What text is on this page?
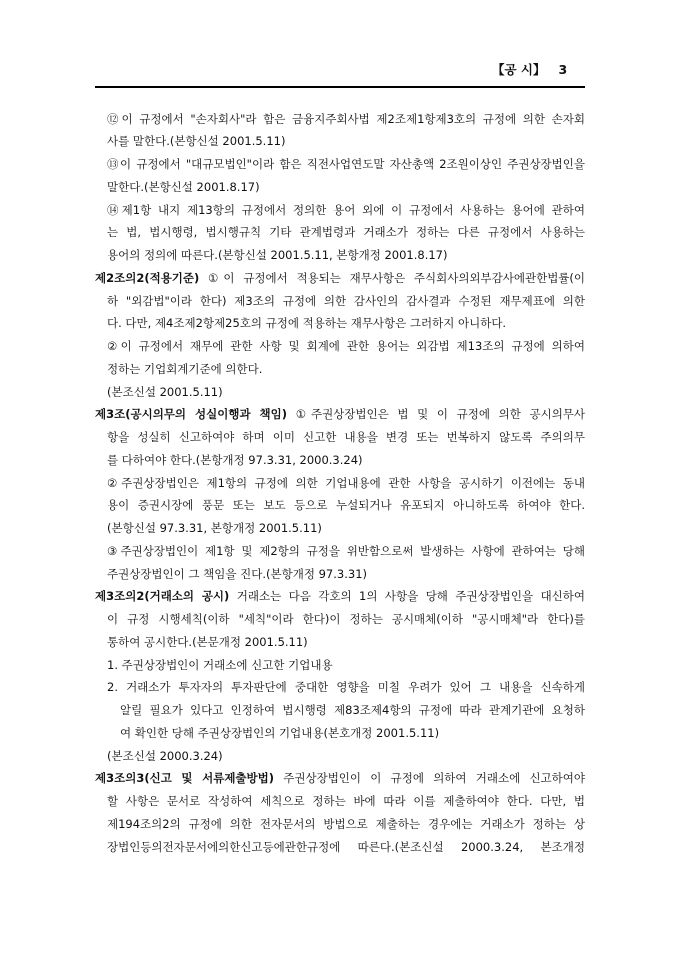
【공 시】 3
⑫이 규정에서 "손자회사"라 함은 금융지주회사법 제2조제1항제3호의 규정에 의한 손자회
사를 말한다.(본항신설 2001.5.11)
⑬이 규정에서 "대규모법인"이라 함은 직전사업연도말 자산총액 2조원이상인 주권상장법인을
말한다.(본항신설 2001.8.17)
⑭제1항 내지 제13항의 규정에서 정의한 용어 외에 이 규정에서 사용하는 용어에 관하여
는 법, 법시행령, 법시행규칙 기타 관계법령과 거래소가 정하는 다른 규정에서 사용하는
용어의 정의에 따른다.(본항신설 2001.5.11, 본항개정 2001.8.17)
제2조의2(적용기준) ①이 규정에서 적용되는 재무사항은 주식회사의외부감사에관한법률(이
하 "외감법"이라 한다) 제3조의 규정에 의한 감사인의 감사결과 수정된 재무제표에 의한
다. 다만, 제4조제2항제25호의 규정에 적용하는 재무사항은 그러하지 아니하다.
②이 규정에서 재무에 관한 사항 및 회계에 관한 용어는 외감법 제13조의 규정에 의하여
정하는 기업회계기준에 의한다.
(본조신설 2001.5.11)
제3조(공시의무의 성실이행과 책임) ①주권상장법인은 법 및 이 규정에 의한 공시의무사
항을 성실히 신고하여야 하며 이미 신고한 내용을 변경 또는 번복하지 않도록 주의의무
를 다하여야 한다.(본항개정 97.3.31, 2000.3.24)
②주권상장법인은 제1항의 규정에 의한 기업내용에 관한 사항을 공시하기 이전에는 동내
용이 증권시장에 풍문 또는 보도 등으로 누설되거나 유포되지 아니하도록 하여야 한다.
(본항신설 97.3.31, 본항개정 2001.5.11)
③주권상장법인이 제1항 및 제2항의 규정을 위반함으로써 발생하는 사항에 관하여는 당해
주권상장법인이 그 책임을 진다.(본항개정 97.3.31)
제3조의2(거래소의 공시) 거래소는 다음 각호의 1의 사항을 당해 주권상장법인을 대신하여
이 규정 시행세칙(이하 "세칙"이라 한다)이 정하는 공시매체(이하 "공시매체"라 한다)를
통하여 공시한다.(본문개정 2001.5.11)
1. 주권상장법인이 거래소에 신고한 기업내용
2. 거래소가 투자자의 투자판단에 중대한 영향을 미칠 우려가 있어 그 내용을 신속하게
알릴 필요가 있다고 인정하여 법시행령 제83조제4항의 규정에 따라 관계기관에 요청하
여 확인한 당해 주권상장법인의 기업내용(본호개정 2001.5.11)
(본조신설 2000.3.24)
제3조의3(신고 및 서류제출방법) 주권상장법인이 이 규정에 의하여 거래소에 신고하여야
할 사항은 문서로 작성하여 세칙으로 정하는 바에 따라 이를 제출하여야 한다. 다만, 법
제194조의2의 규정에 의한 전자문서의 방법으로 제출하는 경우에는 거래소가 정하는 상
장법인등의전자문서에의한신고등에관한규정에 따른다.(본조신설 2000.3.24, 본조개정
